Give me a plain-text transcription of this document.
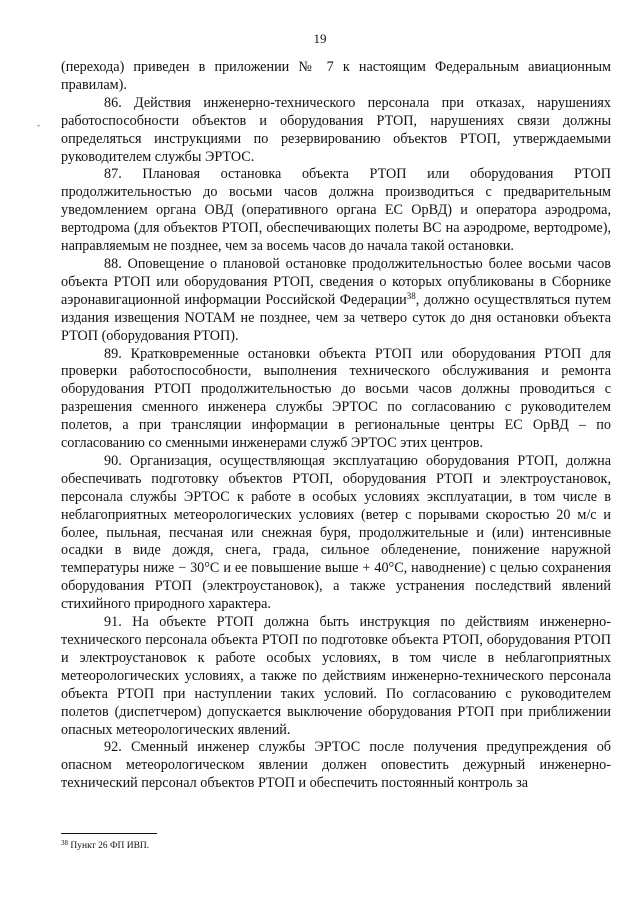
19
-

(перехода) приведен в приложении № 7 к настоящим Федеральным авиационным правилам).

86. Действия инженерно-технического персонала при отказах, нарушениях работоспособности объектов и оборудования РТОП, нарушениях связи должны определяться инструкциями по резервированию объектов РТОП, утверждаемыми руководителем службы ЭРТОС.

87. Плановая остановка объекта РТОП или оборудования РТОП продолжительностью до восьми часов должна производиться с предварительным уведомлением органа ОВД (оперативного органа ЕС ОрВД) и оператора аэродрома, вертодрома (для объектов РТОП, обеспечивающих полеты ВС на аэродроме, вертодроме), направляемым не позднее, чем за восемь часов до начала такой остановки.

88. Оповещение о плановой остановке продолжительностью более восьми часов объекта РТОП или оборудования РТОП, сведения о которых опубликованы в Сборнике аэронавигационной информации Российской Федерации$^{38}$, должно осуществляться путем издания извещения NOTAM не позднее, чем за четверо суток до дня остановки объекта РТОП (оборудования РТОП).

89. Кратковременные остановки объекта РТОП или оборудования РТОП для проверки работоспособности, выполнения технического обслуживания и ремонта оборудования РТОП продолжительностью до восьми часов должны проводиться с разрешения сменного инженера службы ЭРТОС по согласованию с руководителем полетов, а при трансляции информации в региональные центры ЕС ОрВД – по согласованию со сменными инженерами служб ЭРТОС этих центров.

90. Организация, осуществляющая эксплуатацию оборудования РТОП, должна обеспечивать подготовку объектов РТОП, оборудования РТОП и электроустановок, персонала службы ЭРТОС к работе в особых условиях эксплуатации, в том числе в неблагоприятных метеорологических условиях (ветер с порывами скоростью 20 м/с и более, пыльная, песчаная или снежная буря, продолжительные и (или) интенсивные осадки в виде дождя, снега, града, сильное обледенение, понижение наружной температуры ниже − 30°С и ее повышение выше + 40°С, наводнение) с целью сохранения оборудования РТОП (электроустановок), а также устранения последствий явлений стихийного природного характера.

91. На объекте РТОП должна быть инструкция по действиям инженерно-технического персонала объекта РТОП по подготовке объекта РТОП, оборудования РТОП и электроустановок к работе особых условиях, в том числе в неблагоприятных метеорологических условиях, а также по действиям инженерно-технического персонала объекта РТОП при наступлении таких условий. По согласованию с руководителем полетов (диспетчером) допускается выключение оборудования РТОП при приближении опасных метеорологических явлений.

92. Сменный инженер службы ЭРТОС после получения предупреждения об опасном метеорологическом явлении должен оповестить дежурный инженерно-технический персонал объектов РТОП и обеспечить постоянный контроль за

$^{38}$ Пункт 26 ФП ИВП.
